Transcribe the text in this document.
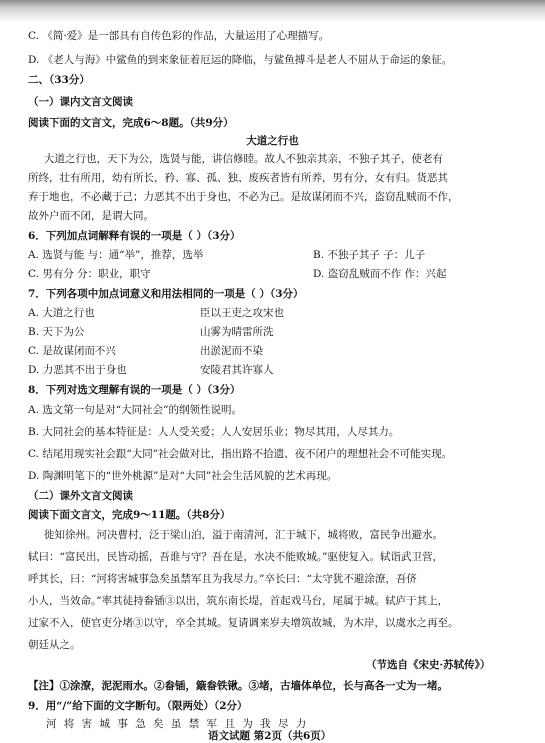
C. 《简·爱》是一部具有自传色彩的作品，大量运用了心理描写。
D. 《老人与海》中鲨鱼的到来象征着厄运的降临，与鲨鱼搏斗是老人不屈从于命运的象征。
二、（33分）
（一）课内文言文阅读
阅读下面的文言文，完成6～8题。（共9分）
大道之行也
大道之行也，天下为公，选贤与能，讲信修睦。故人不独亲其亲，不独子其子，使老有
所终，壮有所用，幼有所长，矜、寡、孤、独、废疾者皆有所养，男有分，女有归。货恶其
弃于地也，不必藏于己；力恶其不出于身也，不必为己。是故谋闭而不兴，盗窃乱贼而不作，
故外户而不闭，是谓大同。
6．下列加点词解释有误的一项是（ ）（3分）
A. 选贤与能 与：通“举”，推荐，选举	B. 不独子其子 子：儿子
C. 男有分 分：职业，职守	D. 盗窃乱贼而不作 作：兴起
7．下列各项中加点词意义和用法相同的一项是（ ）（3分）
A. 大道之行也	臣以王吏之攻宋也
B. 天下为公	山雾为晴雷所洗
C. 是故谋闭而不兴	出淤泥而不染
D. 力恶其不出于身也	安陵君其许寡人
8．下列对选文理解有误的一项是（ ）（3分）
A. 选文第一句是对“大同社会”的纲领性说明。
B. 大同社会的基本特征是：人人受关爱；人人安居乐业；物尽其用，人尽其力。
C. 结尾用现实社会跟“大同”社会做对比，指出路不拾遗、夜不闭户的理想社会不可能实现。
D. 陶渊明笔下的“世外桃源”是对“大同”社会生活风貌的艺术再现。
（二）课外文言文阅读
阅读下面文言文，完成9～11题。（共8分）
徙知徐州。河决曹村，泛于梁山泊，溢于南清河，汇于城下，城将败，富民争出避水。
轼曰：“富民出，民皆动摇，吾谁与守？吾在是，水决不能败城。”驱使复入。轼诣武卫营，
呼其长，曰：“河将害城事急矣虽禁军且为我尽力。”卒长曰：“太守犹不避涂潦，吾侪
小人，当效命。”率其徒持畚锸③以出，筑东南长堤，首起戏马台，尾属于城。轼庐于其上，
过家不入，使官吏分堵③以守，卒全其城。复请调来岁夫增筑故城，为木岸，以虞水之再至。
朝廷从之。
（节选自《宋史·苏轼传》）
【注】①涂潦，泥泥雨水。②畚锸，簸畚铁锹。③堵，古墙体单位，长与高各一丈为一堵。
9．用“/”给下面的文字断句。（限两处）（2分）
河 将 害 城 事 急 矣 虽 禁 军 且 为 我 尽 力
语文试题 第2页（共6页）
